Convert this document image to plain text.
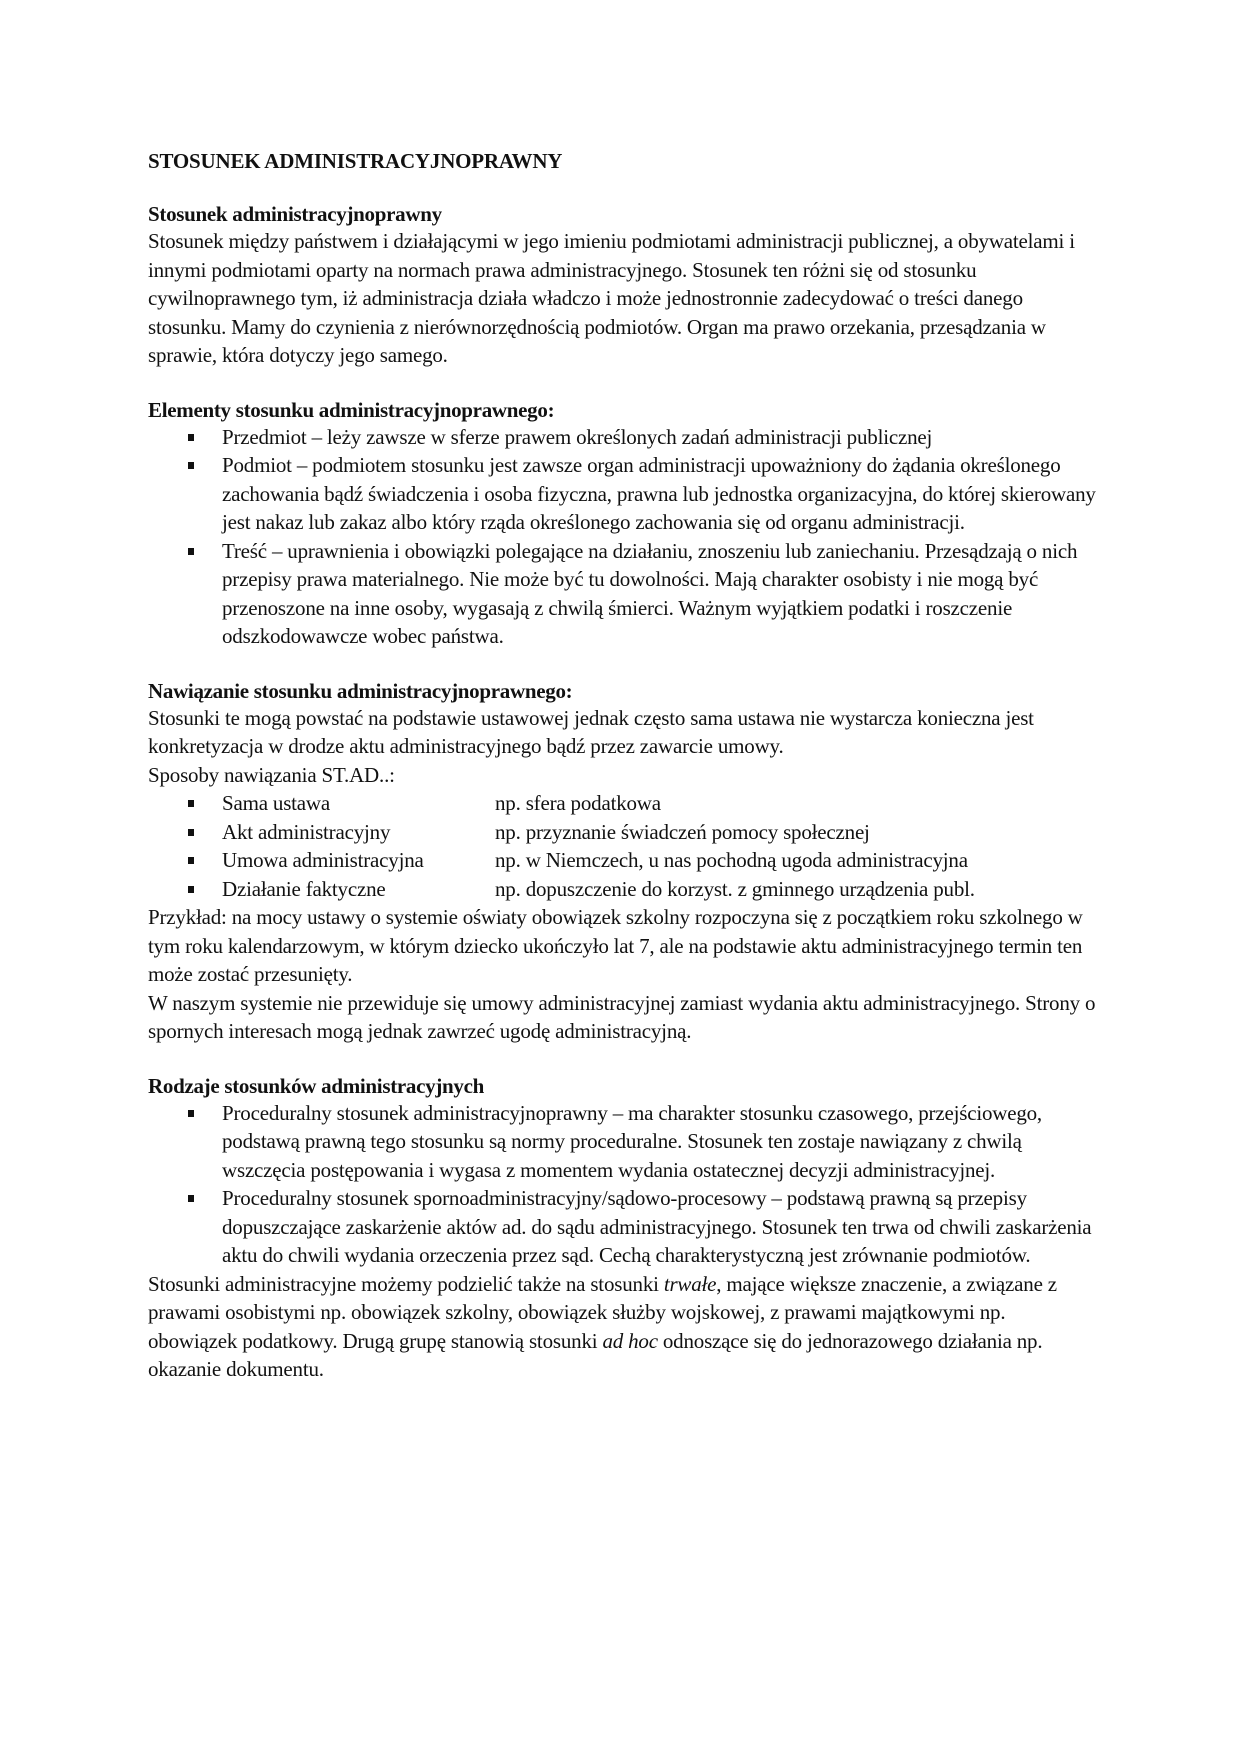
STOSUNEK ADMINISTRACYJNOPRAWNY
Stosunek administracyjnoprawny

Stosunek między państwem i działającymi w jego imieniu podmiotami administracji publicznej, a obywatelami i innymi podmiotami oparty na normach prawa administracyjnego. Stosunek ten różni się od stosunku cywilnoprawnego tym, iż administracja działa władczo i może jednostronnie zadecydować o treści danego stosunku. Mamy do czynienia z nierównorzędnością podmiotów. Organ ma prawo orzekania, przesądzania w sprawie, która dotyczy jego samego.

Elementy stosunku administracyjnoprawnego:
Przedmiot – leży zawsze w sferze prawem określonych zadań administracji publicznej
Podmiot – podmiotem stosunku jest zawsze organ administracji upoważniony do żądania określonego zachowania bądź świadczenia i osoba fizyczna, prawna lub jednostka organizacyjna, do której skierowany jest nakaz lub zakaz albo który rząda określonego zachowania się od organu administracji.
Treść – uprawnienia i obowiązki polegające na działaniu, znoszeniu lub zaniechaniu. Przesądzają o nich przepisy prawa materialnego. Nie może być tu dowolności. Mają charakter osobisty i nie mogą być przenoszone na inne osoby, wygasają z chwilą śmierci. Ważnym wyjątkiem podatki i roszczenie odszkodowawcze wobec państwa.
Nawiązanie stosunku administracyjnoprawnego:

Stosunki te mogą powstać na podstawie ustawowej jednak często sama ustawa nie wystarcza konieczna jest konkretyzacja w drodze aktu administracyjnego bądź przez zawarcie umowy.

Sposoby nawiązania ST.AD..:

Sama ustawa	np. sfera podatkowa
Akt administracyjny	np. przyznanie świadczeń pomocy społecznej
Umowa administracyjna	np. w Niemczech, u nas pochodną ugoda administracyjna
Działanie faktyczne	np. dopuszczenie do korzyst. z gminnego urządzenia publ.

Przykład: na mocy ustawy o systemie oświaty obowiązek szkolny rozpoczyna się z początkiem roku szkolnego w tym roku kalendarzowym, w którym dziecko ukończyło lat 7, ale na podstawie aktu administracyjnego termin ten może zostać przesunięty.

W naszym systemie nie przewiduje się umowy administracyjnej zamiast wydania aktu administracyjnego. Strony o spornych interesach mogą jednak zawrzeć ugodę administracyjną.

Rodzaje stosunków administracyjnych
Proceduralny stosunek administracyjnoprawny – ma charakter stosunku czasowego, przejściowego, podstawą prawną tego stosunku są normy proceduralne. Stosunek ten zostaje nawiązany z chwilą wszczęcia postępowania i wygasa z momentem wydania ostatecznej decyzji administracyjnej.
Proceduralny stosunek spornoadministracyjny/sądowo-procesowy – podstawą prawną są przepisy dopuszczające zaskarżenie aktów ad. do sądu administracyjnego. Stosunek ten trwa od chwili zaskarżenia aktu do chwili wydania orzeczenia przez sąd. Cechą charakterystyczną jest zrównanie podmiotów.

Stosunki administracyjne możemy podzielić także na stosunki trwałe, mające większe znaczenie, a związane z prawami osobistymi np. obowiązek szkolny, obowiązek służby wojskowej, z prawami majątkowymi np. obowiązek podatkowy. Drugą grupę stanowią stosunki ad hoc odnoszące się do jednorazowego działania np. okazanie dokumentu.
